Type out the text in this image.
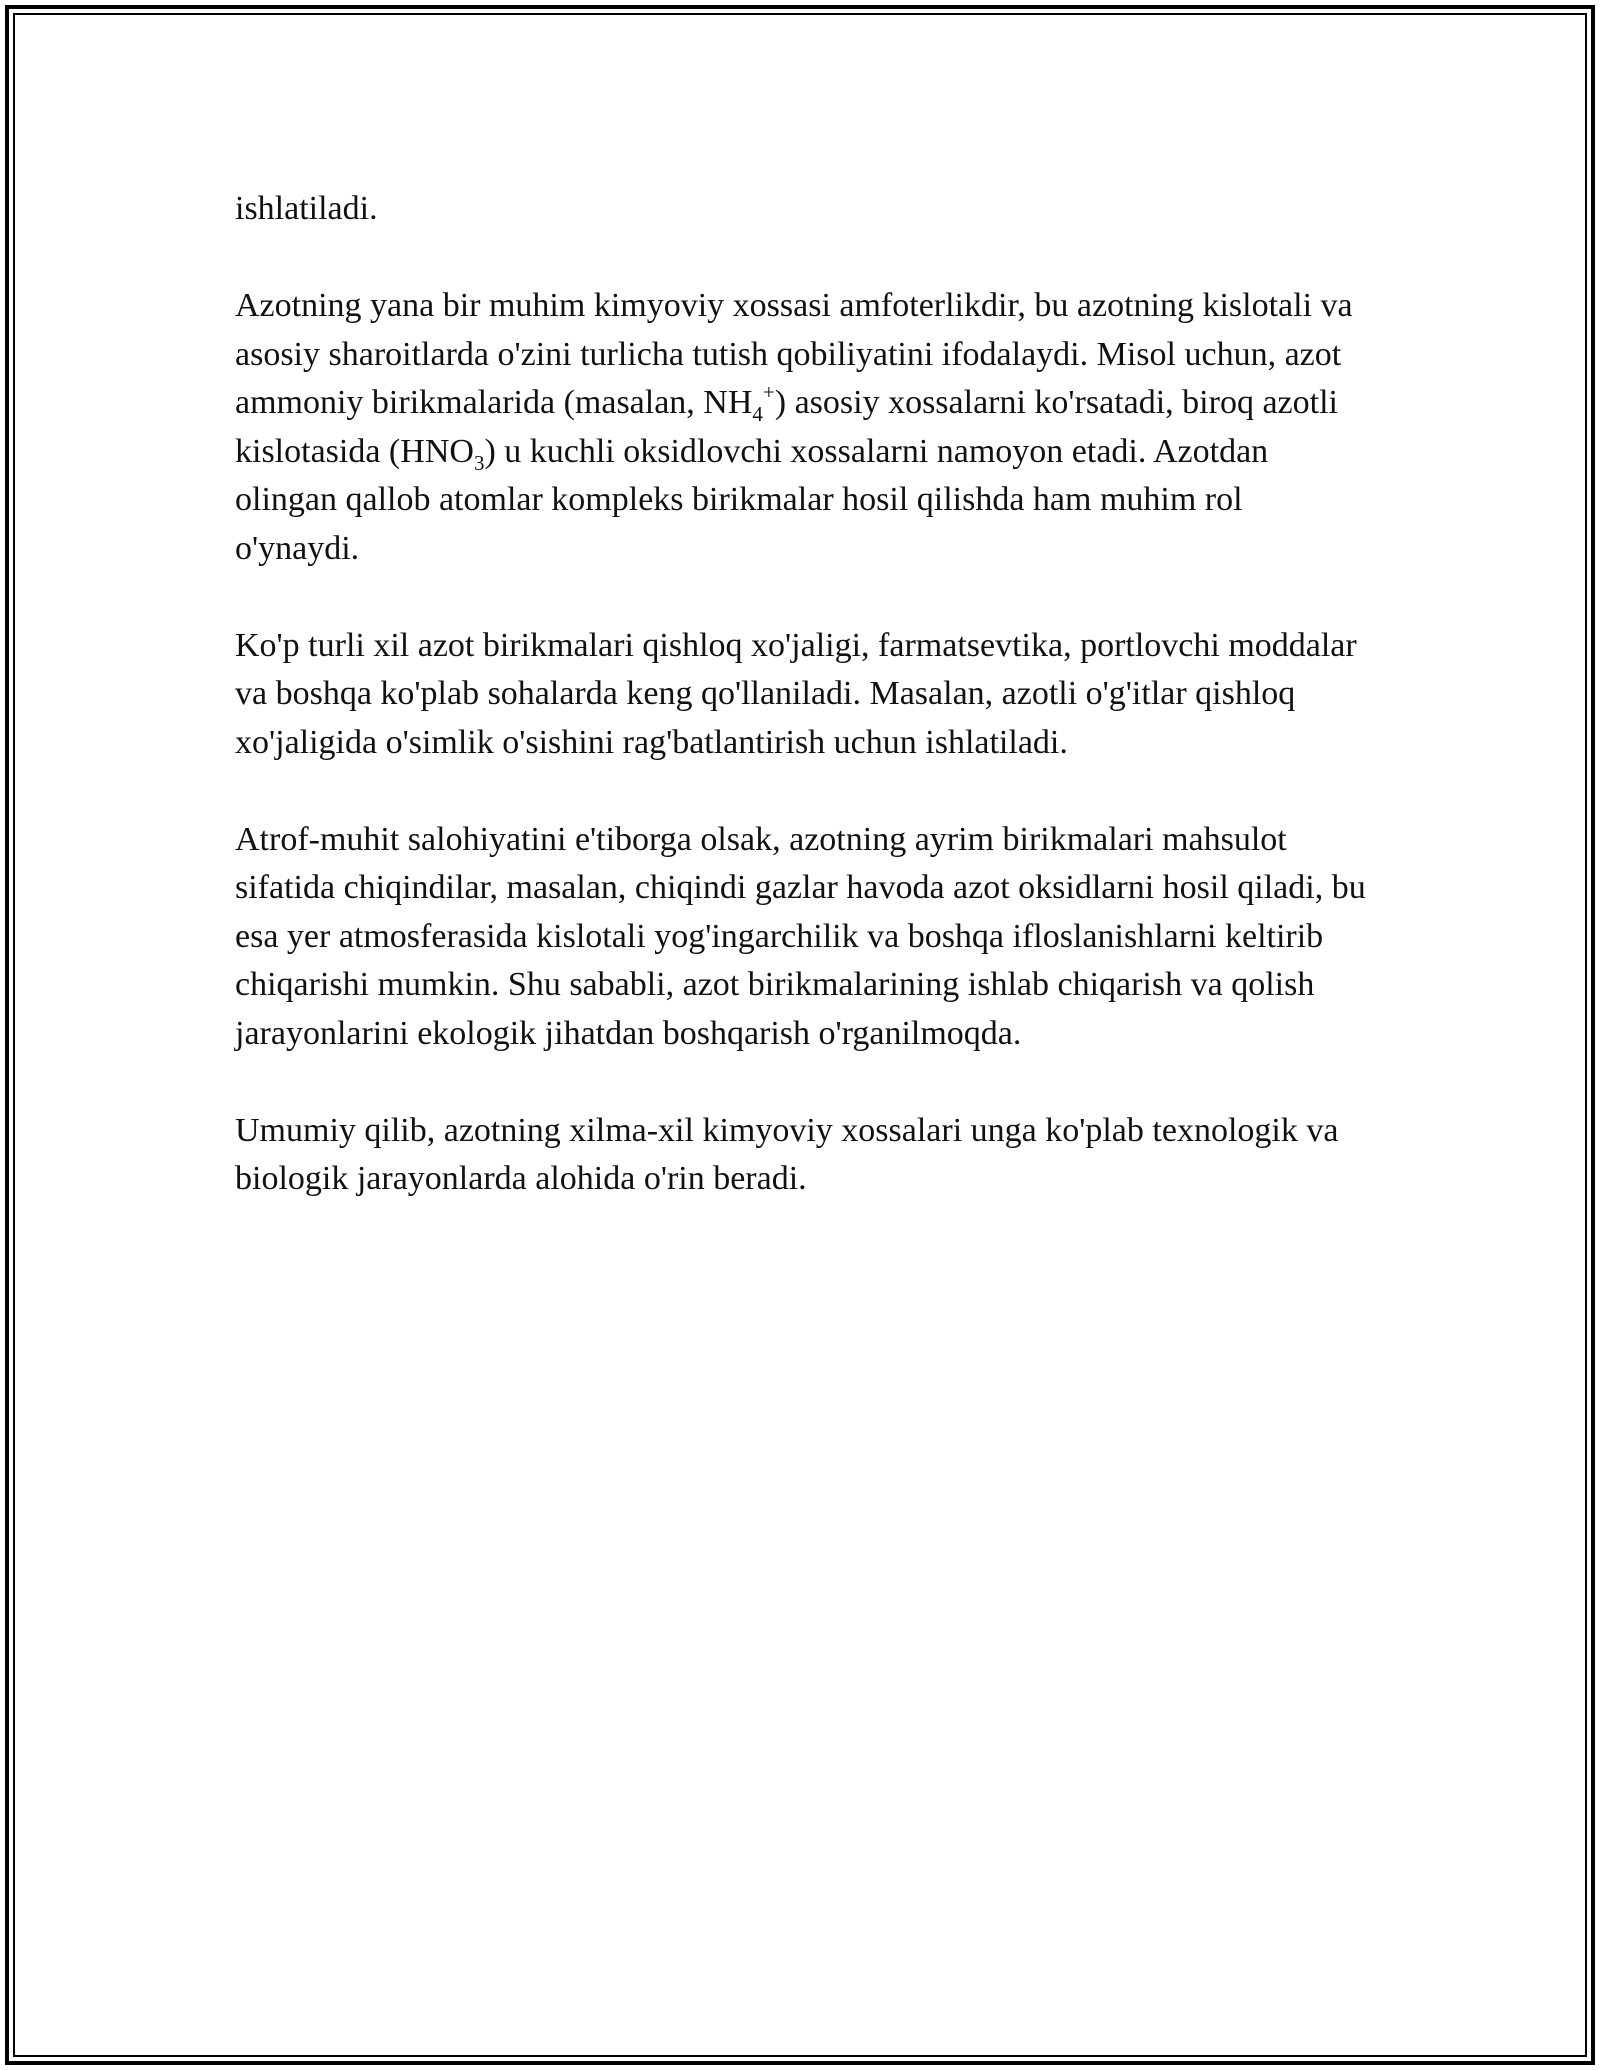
ishlatiladi.

Azotning yana bir muhim kimyoviy xossasi amfoterlikdir, bu azotning kislotali va asosiy sharoitlarda o'zini turlicha tutish qobiliyatini ifodalaydi. Misol uchun, azot ammoniy birikmalarida (masalan, $NH_4^+$) asosiy xossalarni ko'rsatadi, biroq azotli kislotasida $(HNO_3)$ u kuchli oksidlovchi xossalarni namoyon etadi. Azotdan olingan qallob atomlar kompleks birikmalar hosil qilishda ham muhim rol o'ynaydi.

Ko'p turli xil azot birikmalari qishloq xo'jaligi, farmatsevtika, portlovchi moddalar va boshqa ko'plab sohalarda keng qo'llaniladi. Masalan, azotli o'g'itlar qishloq xo'jaligida o'simlik o'sishini rag'batlantirish uchun ishlatiladi.

Atrof-muhit salohiyatini e'tiborga olsak, azotning ayrim birikmalari mahsulot sifatida chiqindilar, masalan, chiqindi gazlar havoda azot oksidlarni hosil qiladi, bu esa yer atmosferasida kislotali yog'ingarchilik va boshqa ifloslanishlarni keltirib chiqarishi mumkin. Shu sababli, azot birikmalarining ishlab chiqarish va qolish jarayonlarini ekologik jihatdan boshqarish o'rganilmoqda.

Umumiy qilib, azotning xilma-xil kimyoviy xossalari unga ko'plab texnologik va biologik jarayonlarda alohida o'rin beradi.
